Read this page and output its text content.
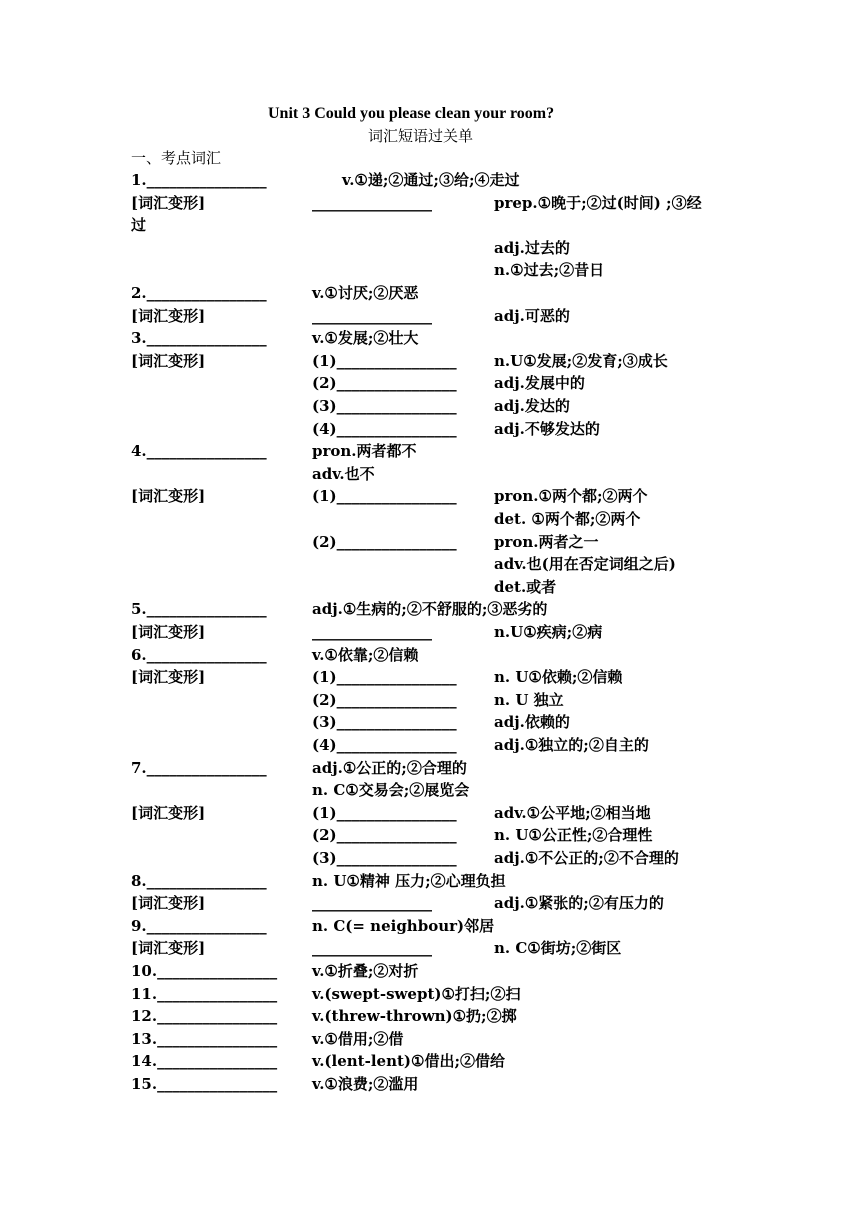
Unit 3 Could you please clean your room?
词汇短语过关单
一、考点词汇
1.________________	v.①递;②通过;③给;④走过
[词汇变形]	________________	prep.①晚于;②过(时间) ;③经
过
adj.过去的
n.①过去;②昔日
2.________________	v.①讨厌;②厌恶
[词汇变形]	________________	adj.可恶的
3.________________	v.①发展;②壮大
[词汇变形]	(1)________________ n.U①发展;②发育;③成长
(2)________________ adj.发展中的
(3)________________ adj.发达的
(4)________________ adj.不够发达的
4.________________	pron.两者都不
adv.也不
[词汇变形]	(1)________________ pron.①两个都;②两个
det. ①两个都;②两个
(2)________________ pron.两者之一
adv.也(用在否定词组之后)
det.或者
5.________________	adj.①生病的;②不舒服的;③恶劣的
[词汇变形]	________________	n.U①疾病;②病
6.________________	v.①依靠;②信赖
[词汇变形]	(1)________________ n. U①依赖;②信赖
(2)________________ n. U 独立
(3)________________ adj.依赖的
(4)________________ adj.①独立的;②自主的
7.________________	adj.①公正的;②合理的
n. C①交易会;②展览会
[词汇变形]	(1)________________ adv.①公平地;②相当地
(2)________________ n. U①公正性;②合理性
(3)________________ adj.①不公正的;②不合理的
8.________________	n. U①精神 压力;②心理负担
[词汇变形]	________________	adj.①紧张的;②有压力的
9.________________	n. C(= neighbour)邻居
[词汇变形]	________________	n. C①街坊;②街区
10.________________ v.①折叠;②对折
11.________________ v.(swept-swept)①打扫;②扫
12.________________ v.(threw-thrown)①扔;②掷
13.________________ v.①借用;②借
14.________________ v.(lent-lent)①借出;②借给
15.________________ v.①浪费;②滥用
